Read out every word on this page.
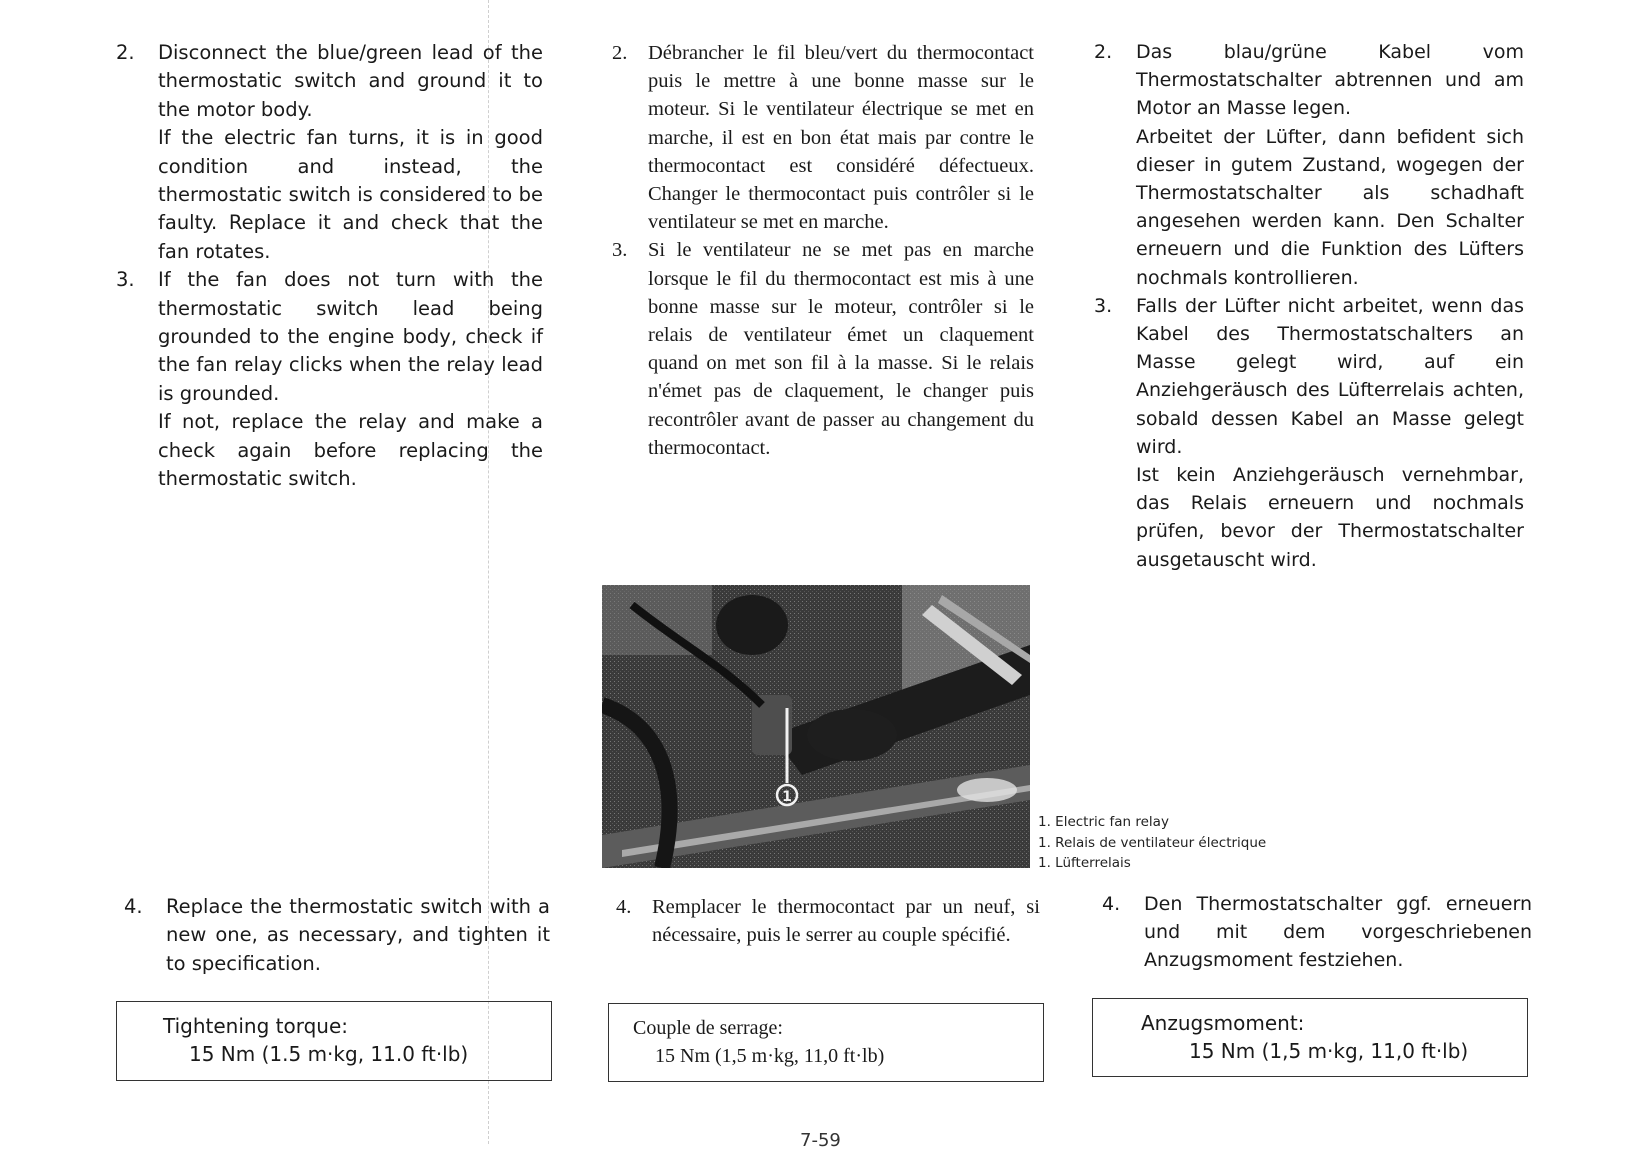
2. Disconnect the blue/green lead of the thermostatic switch and ground it to the motor body.

If the electric fan turns, it is in good condition and instead, the thermostatic switch is considered to be faulty. Replace it and check that the fan rotates.

3. If the fan does not turn with the thermostatic switch lead being grounded to the engine body, check if the fan relay clicks when the relay lead is grounded.

If not, replace the relay and make a check again before replacing the thermostatic switch.

4. Replace the thermostatic switch with a new one, as necessary, and tighten it to specification.

Tightening torque:
15 Nm (1.5 m·kg, 11.0 ft·lb)
2. Débrancher le fil bleu/vert du thermocontact puis le mettre à une bonne masse sur le moteur. Si le ventilateur électrique se met en marche, il est en bon état mais par contre le thermocontact est considéré défectueux. Changer le thermocontact puis contrôler si le ventilateur se met en marche.

3. Si le ventilateur ne se met pas en marche lorsque le fil du thermocontact est mis à une bonne masse sur le moteur, contrôler si le relais de ventilateur émet un claquement quand on met son fil à la masse. Si le relais n'émet pas de claquement, le changer puis recontrôler avant de passer au changement du thermocontact.

4. Remplacer le thermocontact par un neuf, si nécessaire, puis le serrer au couple spécifié.

Couple de serrage:
15 Nm (1,5 m·kg, 11,0 ft·lb)
2. Das blau/grüne Kabel vom Thermostatschalter abtrennen und am Motor an Masse legen.

Arbeitet der Lüfter, dann befident sich dieser in gutem Zustand, wogegen der Thermostatschalter als schadhaft angesehen werden kann. Den Schalter erneuern und die Funktion des Lüfters nochmals kontrollieren.

3. Falls der Lüfter nicht arbeitet, wenn das Kabel des Thermostatschalters an Masse gelegt wird, auf ein Anziehgeräusch des Lüfterrelais achten, sobald dessen Kabel an Masse gelegt wird.

Ist kein Anziehgeräusch vernehmbar, das Relais erneuern und nochmals prüfen, bevor der Thermostatschalter ausgetauscht wird.

4. Den Thermostatschalter ggf. erneuern und mit dem vorgeschriebenen Anzugsmoment festziehen.

Anzugsmoment:
15 Nm (1,5 m·kg, 11,0 ft·lb)
1
1. Electric fan relay
1. Relais de ventilateur électrique
1. Lüfterrelais
7-59
